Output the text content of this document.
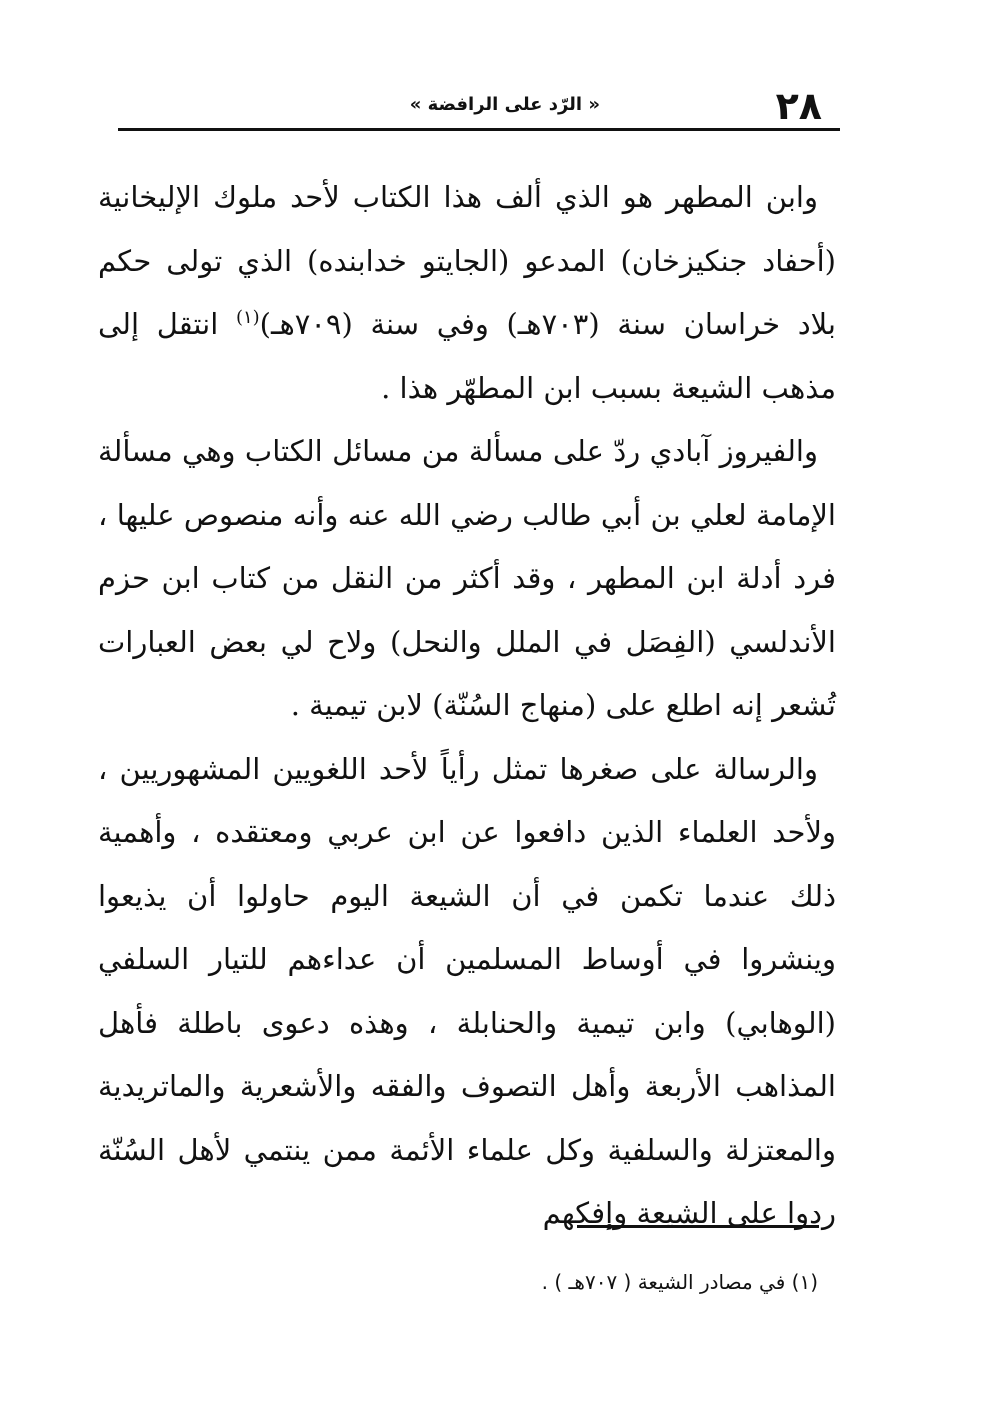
٢٨
« الرّد على الرافضة »

وابن المطهر هو الذي ألف هذا الكتاب لأحد ملوك الإليخانية (أحفاد جنكيزخان) المدعو (الجايتو خدابنده) الذي تولى حكم بلاد خراسان سنة (٧٠٣هـ) وفي سنة (٧٠٩هـ)$^{(١)}$ انتقل إلى مذهب الشيعة بسبب ابن المطهّر هذا .

والفيروز آبادي ردّ على مسألة من مسائل الكتاب وهي مسألة الإمامة لعلي بن أبي طالب رضي الله عنه وأنه منصوص عليها ، فرد أدلة ابن المطهر ، وقد أكثر من النقل من كتاب ابن حزم الأندلسي (الفِصَل في الملل والنحل) ولاح لي بعض العبارات تُشعر إنه اطلع على (منهاج السُنّة) لابن تيمية .

والرسالة على صغرها تمثل رأياً لأحد اللغويين المشهوريين ، ولأحد العلماء الذين دافعوا عن ابن عربي ومعتقده ، وأهمية ذلك عندما تكمن في أن الشيعة اليوم حاولوا أن يذيعوا وينشروا في أوساط المسلمين أن عداءهم للتيار السلفي (الوهابي) وابن تيمية والحنابلة ، وهذه دعوى باطلة فأهل المذاهب الأربعة وأهل التصوف والفقه والأشعرية والماتريدية والمعتزلة والسلفية وكل علماء الأئمة ممن ينتمي لأهل السُنّة ردوا على الشيعة وإفكهم

(١) في مصادر الشيعة ( ٧٠٧هـ ) .
